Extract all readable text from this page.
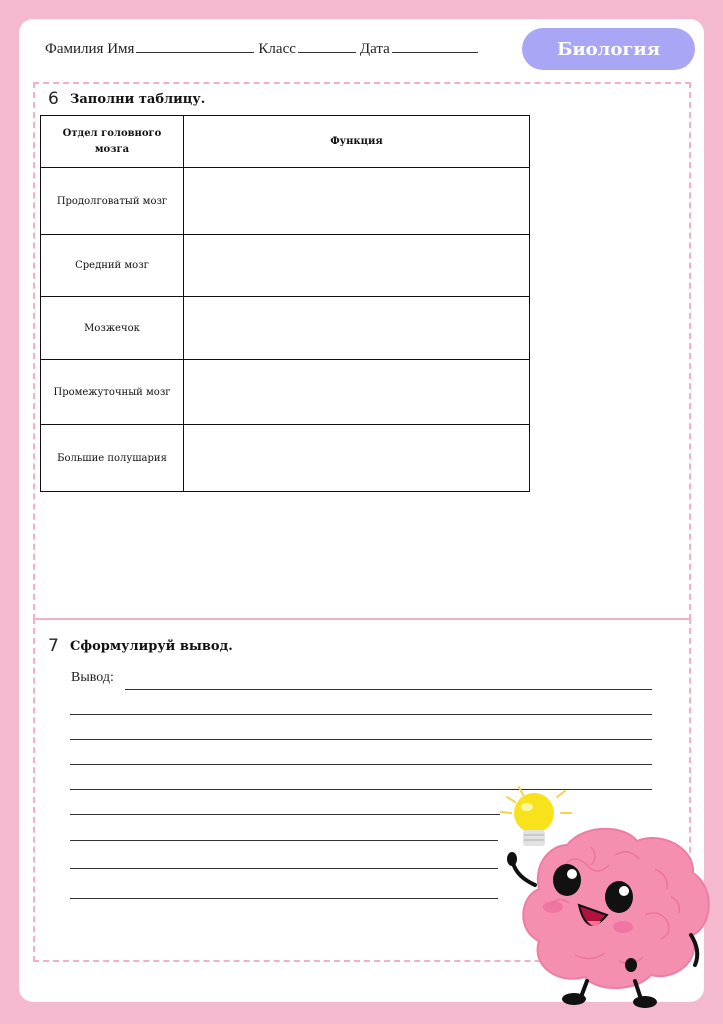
Фамилия Имя	Класс	Дата	Биология
6 Заполни таблицу.
Отдел головного мозга	Функция
Продолговатый мозг	
Средний мозг	
Мозжечок	
Промежуточный мозг	
Большие полушария	
7 Сформулируй вывод.
Вывод:
